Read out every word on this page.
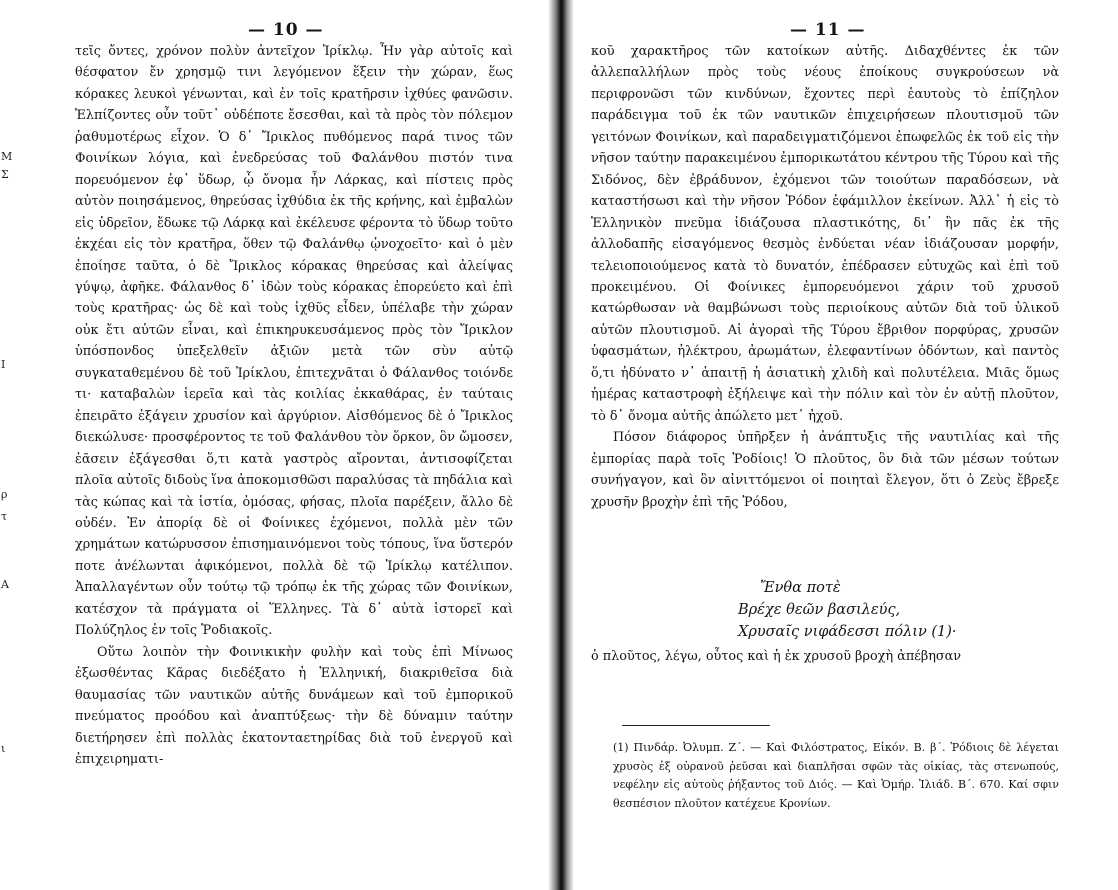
Μ
Σ
Ι
ρ
τ
Α
ι
— 10 —

τεῖς ὄντες, χρόνον πολὺν ἀντεῖχον Ἰρίκλῳ. Ἦν γὰρ αὐτοῖς καὶ θέσφατον ἔν χρησμῷ τινι λεγόμενον ἕξειν τὴν χώραν, ἕως κόρακες λευκοὶ γένωνται, καὶ ἐν τοῖς κρατῆρσιν ἰχθύες φανῶσιν. Ἐλπίζοντες οὖν τοῦτ᾽ οὐδέποτε ἔσεσθαι, καὶ τὰ πρὸς τὸν πόλεμον ῥαθυμοτέρως εἶχον. Ὁ δ᾽ Ἴρικλος πυθόμενος παρά τινος τῶν Φοινίκων λόγια, καὶ ἐνεδρεύσας τοῦ Φαλάνθου πιστόν τινα πορευόμενον ἐφ᾽ ὕδωρ, ᾧ ὄνομα ἦν Λάρκας, καὶ πίστεις πρὸς αὐτὸν ποιησάμενος, θηρεύσας ἰχθύδια ἐκ τῆς κρήνης, καὶ ἐμβαλὼν εἰς ὑδρεῖον, ἔδωκε τῷ Λάρκᾳ καὶ ἐκέλευσε φέροντα τὸ ὕδωρ τοῦτο ἐκχέαι εἰς τὸν κρατῆρα, ὅθεν τῷ Φαλάνθῳ ᾠνοχοεῖτο· καὶ ὁ μὲν ἐποίησε ταῦτα, ὁ δὲ Ἴρικλος κόρακας θηρεύσας καὶ ἀλείψας γύψῳ, ἀφῆκε. Φάλανθος δ᾽ ἰδὼν τοὺς κόρακας ἐπορεύετο καὶ ἐπὶ τοὺς κρατῆρας· ὡς δὲ καὶ τοὺς ἰχθῦς εἶδεν, ὑπέλαβε τὴν χώραν οὐκ ἔτι αὐτῶν εἶναι, καὶ ἐπικηρυκευσάμενος πρὸς τὸν Ἴρικλον ὑπόσπονδος ὑπεξελθεῖν ἀξιῶν μετὰ τῶν σὺν αὐτῷ συγκαταθεμένου δὲ τοῦ Ἰρίκλου, ἐπιτεχνᾶται ὁ Φάλανθος τοιόνδε τι· καταβαλὼν ἱερεῖα καὶ τὰς κοιλίας ἐκκαθάρας, ἐν ταύταις ἐπειρᾶτο ἐξάγειν χρυσίον καὶ ἀργύριον. Αἰσθόμενος δὲ ὁ Ἴρικλος διεκώλυσε· προσφέροντος τε τοῦ Φαλάνθου τὸν ὅρκον, ὃν ὤμοσεν, ἐᾶσειν ἐξάγεσθαι ὅ,τι κατὰ γαστρὸς αἴρονται, ἀντισοφίζεται πλοῖα αὐτοῖς διδοὺς ἵνα ἀποκομισθῶσι παραλύσας τὰ πηδάλια καὶ τὰς κώπας καὶ τὰ ἱστία, ὀμόσας, φήσας, πλοῖα παρέξειν, ἄλλο δὲ οὐδέν. Ἐν ἀπορίᾳ δὲ οἱ Φοίνικες ἐχόμενοι, πολλὰ μὲν τῶν χρημάτων κατώρυσσον ἐπισημαινόμενοι τοὺς τόπους, ἵνα ὕστερόν ποτε ἀνέλωνται ἀφικόμενοι, πολλὰ δὲ τῷ Ἰρίκλῳ κατέλιπον. Ἀπαλλαγέντων οὖν τούτῳ τῷ τρόπῳ ἐκ τῆς χώρας τῶν Φοινίκων, κατέσχον τὰ πράγματα οἱ Ἕλληνες. Τὰ δ᾽ αὐτὰ ἱστορεῖ καὶ Πολύζηλος ἐν τοῖς Ῥοδιακοῖς.

Οὕτω λοιπὸν τὴν Φοινικικὴν φυλὴν καὶ τοὺς ἐπὶ Μίνωος ἐξωσθέντας Κᾶρας διεδέξατο ἡ Ἑλληνική, διακριθεῖσα διὰ θαυμασίας τῶν ναυτικῶν αὐτῆς δυνάμεων καὶ τοῦ ἐμπορικοῦ πνεύματος προόδου καὶ ἀναπτύξεως· τὴν δὲ δύναμιν ταύτην διετήρησεν ἐπὶ πολλὰς ἑκατονταετηρίδας διὰ τοῦ ἐνεργοῦ καὶ ἐπιχειρηματι-

— 11 —

κοῦ χαρακτῆρος τῶν κατοίκων αὐτῆς. Διδαχθέντες ἐκ τῶν ἀλλεπαλλήλων πρὸς τοὺς νέους ἐποίκους συγκρούσεων νὰ περιφρονῶσι τῶν κινδύνων, ἔχοντες περὶ ἑαυτοὺς τὸ ἐπίζηλον παράδειγμα τοῦ ἐκ τῶν ναυτικῶν ἐπιχειρήσεων πλουτισμοῦ τῶν γειτόνων Φοινίκων, καὶ παραδειγματιζόμενοι ἐπωφελῶς ἐκ τοῦ εἰς τὴν νῆσον ταύτην παρακειμένου ἐμπορικωτάτου κέντρου τῆς Τύρου καὶ τῆς Σιδόνος, δὲν ἐβράδυνον, ἐχόμενοι τῶν τοιούτων παραδόσεων, νὰ καταστήσωσι καὶ τὴν νῆσον Ῥόδον ἐφάμιλλον ἐκείνων. Ἀλλ᾽ ἡ εἰς τὸ Ἑλληνικὸν πνεῦμα ἰδιάζουσα πλαστικότης, δι᾽ ἣν πᾶς ἐκ τῆς ἀλλοδαπῆς εἰσαγόμενος θεσμὸς ἐνδύεται νέαν ἰδιάζουσαν μορφήν, τελειοποιούμενος κατὰ τὸ δυνατόν, ἐπέδρασεν εὐτυχῶς καὶ ἐπὶ τοῦ προκειμένου. Οἱ Φοίνικες ἐμπορευόμενοι χάριν τοῦ χρυσοῦ κατώρθωσαν νὰ θαμβώνωσι τοὺς περιοίκους αὐτῶν διὰ τοῦ ὑλικοῦ αὐτῶν πλουτισμοῦ. Αἱ ἀγοραὶ τῆς Τύρου ἔβριθον πορφύρας, χρυσῶν ὑφασμάτων, ἠλέκτρου, ἀρωμάτων, ἐλεφαντίνων ὀδόντων, καὶ παντὸς ὅ,τι ἠδύνατο ν᾽ ἀπαιτῇ ἡ ἀσιατικὴ χλιδὴ καὶ πολυτέλεια. Μιᾶς ὅμως ἡμέρας καταστροφὴ ἐξήλειψε καὶ τὴν πόλιν καὶ τὸν ἐν αὐτῇ πλοῦτον, τὸ δ᾽ ὄνομα αὐτῆς ἀπώλετο μετ᾽ ἠχοῦ.

Πόσον διάφορος ὑπῆρξεν ἡ ἀνάπτυξις τῆς ναυτιλίας καὶ τῆς ἐμπορίας παρὰ τοῖς Ῥοδίοις! Ὁ πλοῦτος, ὃν διὰ τῶν μέσων τούτων συνήγαγον, καὶ ὃν αἰνιττόμενοι οἱ ποιηταὶ ἔλεγον, ὅτι ὁ Ζεὺς ἔβρεξε χρυσῆν βροχὴν ἐπὶ τῆς Ῥόδου,

Ἔνθα ποτὲ
Βρέχε θεῶν βασιλεύς,
Χρυσαῖς νιφάδεσσι πόλιν (1)·

ὁ πλοῦτος, λέγω, οὗτος καὶ ἡ ἐκ χρυσοῦ βροχὴ ἀπέβησαν

(1) Πινδάρ. Ὀλυμπ. Ζ΄. — Καὶ Φιλόστρατος, Εἰκόν. Β. β΄. Ῥόδιοις δὲ λέγεται χρυσὸς ἐξ οὐρανοῦ ῥεῦσαι καὶ διαπλῆσαι σφῶν τὰς οἰκίας, τὰς στενωπούς, νεφέλην εἰς αὐτοὺς ῥήξαντος τοῦ Διός. — Καὶ Ὁμήρ. Ἰλιάδ. Β΄. 670. Καί σφιν θεσπέσιον πλοῦτον κατέχευε Κρονίων.
